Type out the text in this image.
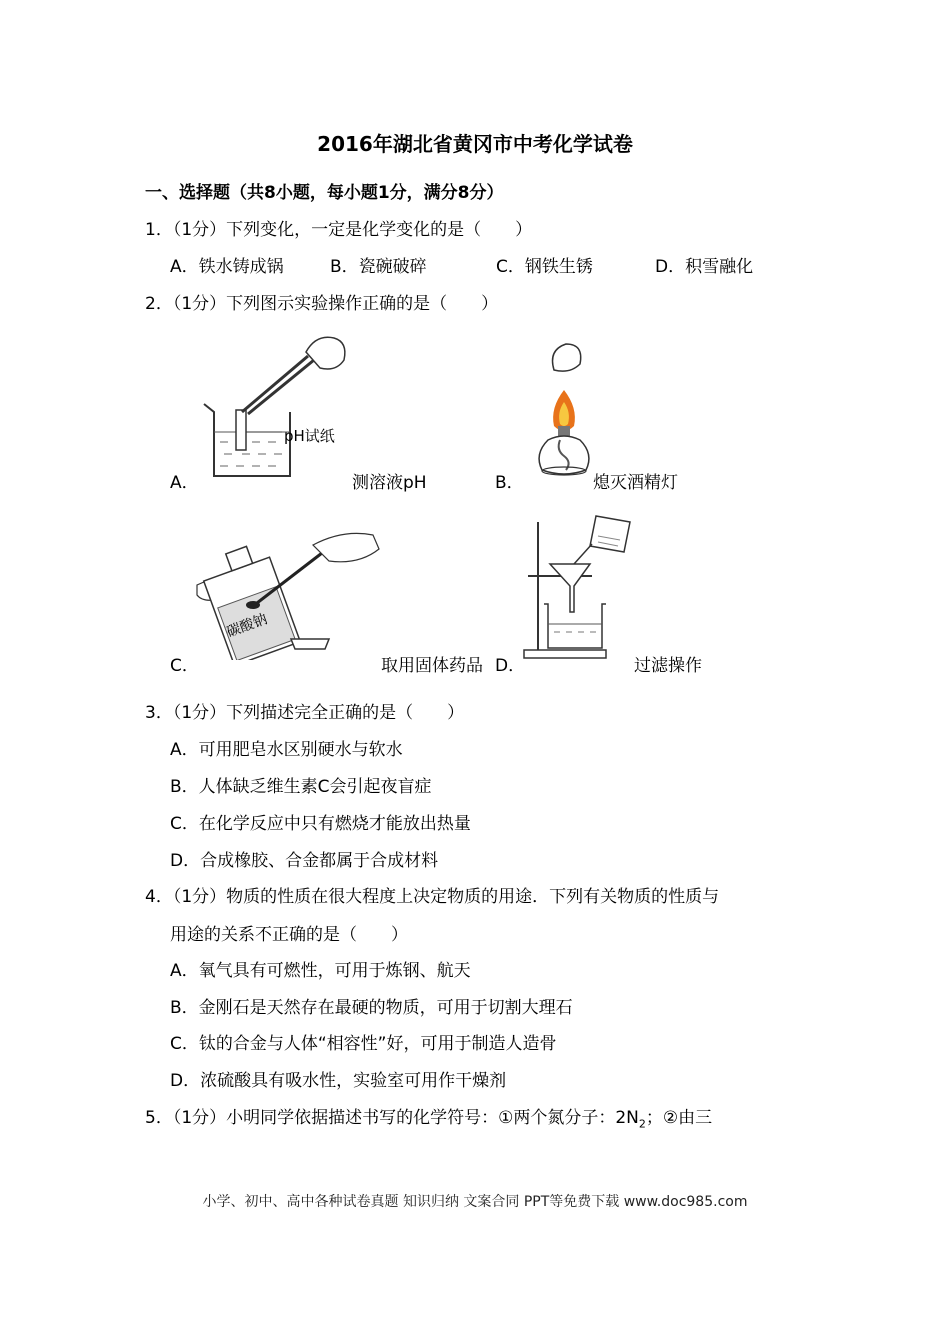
2016年湖北省黄冈市中考化学试卷
一、选择题（共8小题，每小题1分，满分8分）
1．（1分）下列变化，一定是化学变化的是（　　）
A．铁水铸成锅	B．瓷碗破碎	C．钢铁生锈	D．积雪融化
2．（1分）下列图示实验操作正确的是（　　）
pH试纸
A．	测溶液pH	B．	熄灭酒精灯
碳酸钠
C．	取用固体药品 D．	过滤操作
3．（1分）下列描述完全正确的是（　　）
A．可用肥皂水区别硬水与软水
B．人体缺乏维生素C会引起夜盲症
C．在化学反应中只有燃烧才能放出热量
D．合成橡胶、合金都属于合成材料
4．（1分）物质的性质在很大程度上决定物质的用途．下列有关物质的性质与
用途的关系不正确的是（　　）
A．氧气具有可燃性，可用于炼钢、航天
B．金刚石是天然存在最硬的物质，可用于切割大理石
C．钛的合金与人体“相容性”好，可用于制造人造骨
D．浓硫酸具有吸水性，实验室可用作干燥剂
5．（1分）小明同学依据描述书写的化学符号：①两个氮分子：$2N_2$；②由三
小学、初中、高中各种试卷真题 知识归纳 文案合同 PPT等免费下载 www.doc985.com
